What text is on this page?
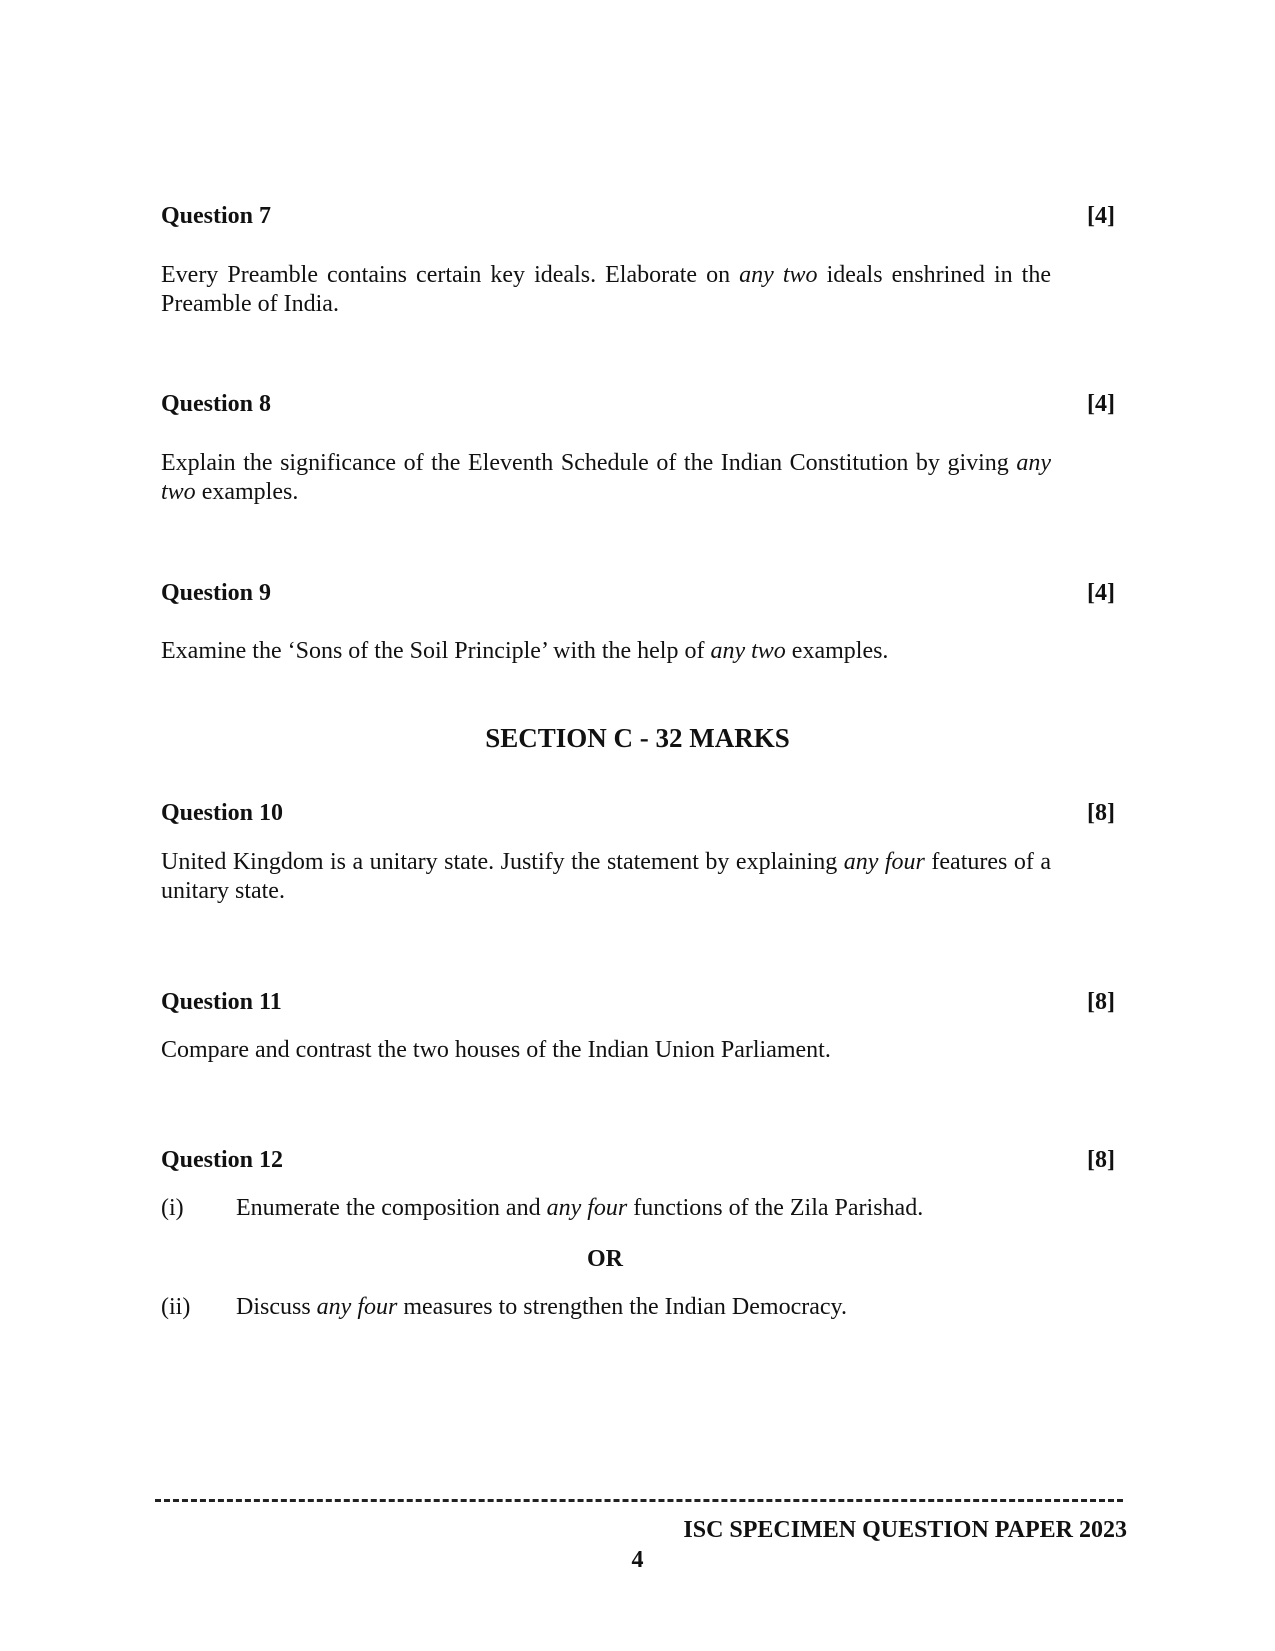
Question 7	[4]
Every Preamble contains certain key ideals. Elaborate on any two ideals enshrined in the Preamble of India.
Question 8	[4]
Explain the significance of the Eleventh Schedule of the Indian Constitution by giving any two examples.
Question 9	[4]
Examine the ‘Sons of the Soil Principle’ with the help of any two examples.
SECTION C - 32 MARKS
Question 10	[8]
United Kingdom is a unitary state. Justify the statement by explaining any four features of a unitary state.
Question 11	[8]
Compare and contrast the two houses of the Indian Union Parliament.
Question 12	[8]
(i) Enumerate the composition and any four functions of the Zila Parishad.
OR
(ii) Discuss any four measures to strengthen the Indian Democracy.
ISC SPECIMEN QUESTION PAPER 2023
4
